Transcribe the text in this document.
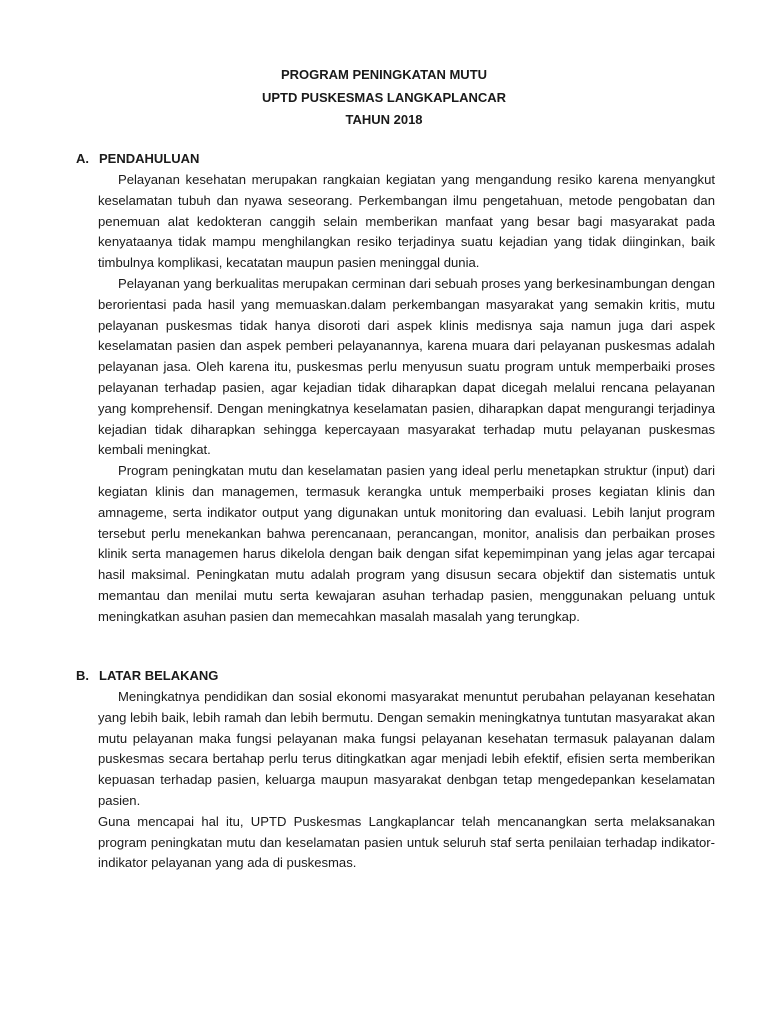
PROGRAM PENINGKATAN MUTU

UPTD PUSKESMAS LANGKAPLANCAR

TAHUN 2018

A. PENDAHULUAN

Pelayanan kesehatan merupakan rangkaian kegiatan yang mengandung resiko karena menyangkut keselamatan tubuh dan nyawa seseorang. Perkembangan ilmu pengetahuan, metode pengobatan dan penemuan alat kedokteran canggih selain memberikan manfaat yang besar bagi masyarakat pada kenyataanya tidak mampu menghilangkan resiko terjadinya suatu kejadian yang tidak diinginkan, baik timbulnya komplikasi, kecatatan maupun pasien meninggal dunia.

Pelayanan yang berkualitas merupakan cerminan dari sebuah proses yang berkesinambungan dengan berorientasi pada hasil yang memuaskan.dalam perkembangan masyarakat yang semakin kritis, mutu pelayanan puskesmas tidak hanya disoroti dari aspek klinis medisnya saja namun juga dari aspek keselamatan pasien dan aspek pemberi pelayanannya, karena muara dari pelayanan puskesmas adalah pelayanan jasa. Oleh karena itu, puskesmas perlu menyusun suatu program untuk memperbaiki proses pelayanan terhadap pasien, agar kejadian tidak diharapkan dapat dicegah melalui rencana pelayanan yang komprehensif. Dengan meningkatnya keselamatan pasien, diharapkan dapat mengurangi terjadinya kejadian tidak diharapkan sehingga kepercayaan masyarakat terhadap mutu pelayanan puskesmas kembali meningkat.

Program peningkatan mutu dan keselamatan pasien yang ideal perlu menetapkan struktur (input) dari kegiatan klinis dan managemen, termasuk kerangka untuk memperbaiki proses kegiatan klinis dan amnageme, serta indikator output yang digunakan untuk monitoring dan evaluasi. Lebih lanjut program tersebut perlu menekankan bahwa perencanaan, perancangan, monitor, analisis dan perbaikan proses klinik serta managemen harus dikelola dengan baik dengan sifat kepemimpinan yang jelas agar tercapai hasil maksimal. Peningkatan mutu adalah program yang disusun secara objektif dan sistematis untuk memantau dan menilai mutu serta kewajaran asuhan terhadap pasien, menggunakan peluang untuk meningkatkan asuhan pasien dan memecahkan masalah masalah yang terungkap.

B. LATAR BELAKANG

Meningkatnya pendidikan dan sosial ekonomi masyarakat menuntut perubahan pelayanan kesehatan yang lebih baik, lebih ramah dan lebih bermutu. Dengan semakin meningkatnya tuntutan masyarakat akan mutu pelayanan maka fungsi pelayanan maka fungsi pelayanan kesehatan termasuk palayanan dalam puskesmas secara bertahap perlu terus ditingkatkan agar menjadi lebih efektif, efisien serta memberikan kepuasan terhadap pasien, keluarga maupun masyarakat denbgan tetap mengedepankan keselamatan pasien.

Guna mencapai hal itu, UPTD Puskesmas Langkaplancar telah mencanangkan serta melaksanakan program peningkatan mutu dan keselamatan pasien untuk seluruh staf serta penilaian terhadap indikator-indikator pelayanan yang ada di puskesmas.
